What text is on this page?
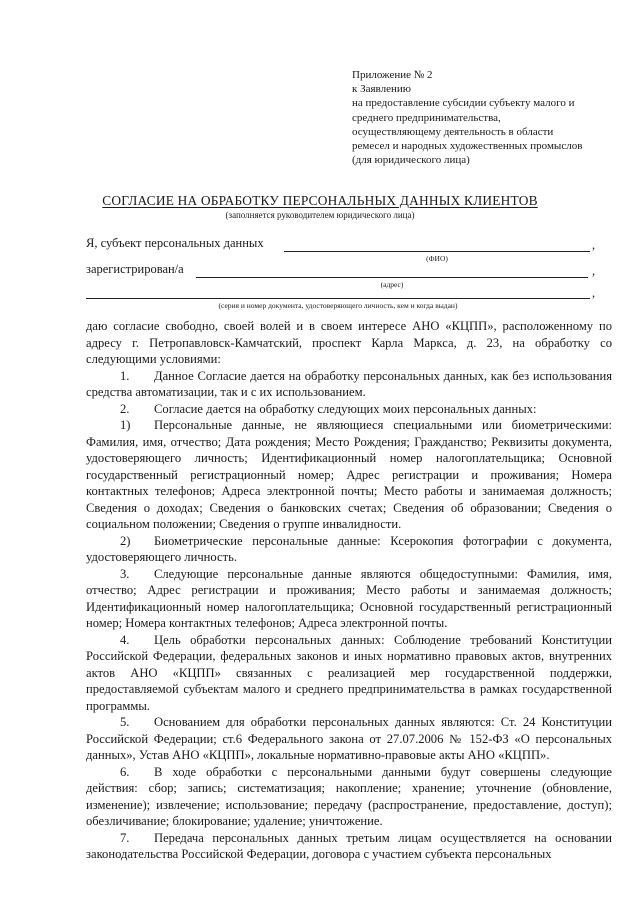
Приложение № 2
к Заявлению
на предоставление субсидии субъекту малого и
среднего предпринимательства,
осуществляющему деятельность в области
ремесел и народных художественных промыслов
(для юридического лица)
СОГЛАСИЕ НА ОБРАБОТКУ ПЕРСОНАЛЬНЫХ ДАННЫХ КЛИЕНТОВ
(заполняется руководителем юридического лица)
Я, субъект персональных данных	,
(ФИО)
зарегистрирован/а	,
(адрес)
,
(серия и номер документа, удостоверяющего личность, кем и когда выдан)

даю согласие свободно, своей волей и в своем интересе АНО «КЦПП», расположенному по адресу г. Петропавловск-Камчатский, проспект Карла Маркса, д. 23, на обработку со следующими условиями:

1. Данное Согласие дается на обработку персональных данных, как без использования средства автоматизации, так и с их использованием.

2. Согласие дается на обработку следующих моих персональных данных:

1) Персональные данные, не являющиеся специальными или биометрическими: Фамилия, имя, отчество; Дата рождения; Место Рождения; Гражданство; Реквизиты документа, удостоверяющего личность; Идентификационный номер налогоплательщика; Основной государственный регистрационный номер; Адрес регистрации и проживания; Номера контактных телефонов; Адреса электронной почты; Место работы и занимаемая должность; Сведения о доходах; Сведения о банковских счетах; Сведения об образовании; Сведения о социальном положении; Сведения о группе инвалидности.

2) Биометрические персональные данные: Ксерокопия фотографии с документа, удостоверяющего личность.

3. Следующие персональные данные являются общедоступными: Фамилия, имя, отчество; Адрес регистрации и проживания; Место работы и занимаемая должность; Идентификационный номер налогоплательщика; Основной государственный регистрационный номер; Номера контактных телефонов; Адреса электронной почты.

4. Цель обработки персональных данных: Соблюдение требований Конституции Российской Федерации, федеральных законов и иных нормативно правовых актов, внутренних актов АНО «КЦПП» связанных с реализацией мер государственной поддержки, предоставляемой субъектам малого и среднего предпринимательства в рамках государственной программы.

5. Основанием для обработки персональных данных являются: Ст. 24 Конституции Российской Федерации; ст.6 Федерального закона от 27.07.2006 № 152-ФЗ «О персональных данных», Устав АНО «КЦПП», локальные нормативно-правовые акты АНО «КЦПП».

6. В ходе обработки с персональными данными будут совершены следующие действия: сбор; запись; систематизация; накопление; хранение; уточнение (обновление, изменение); извлечение; использование; передачу (распространение, предоставление, доступ); обезличивание; блокирование; удаление; уничтожение.

7. Передача персональных данных третьим лицам осуществляется на основании законодательства Российской Федерации, договора с участием субъекта персональных
